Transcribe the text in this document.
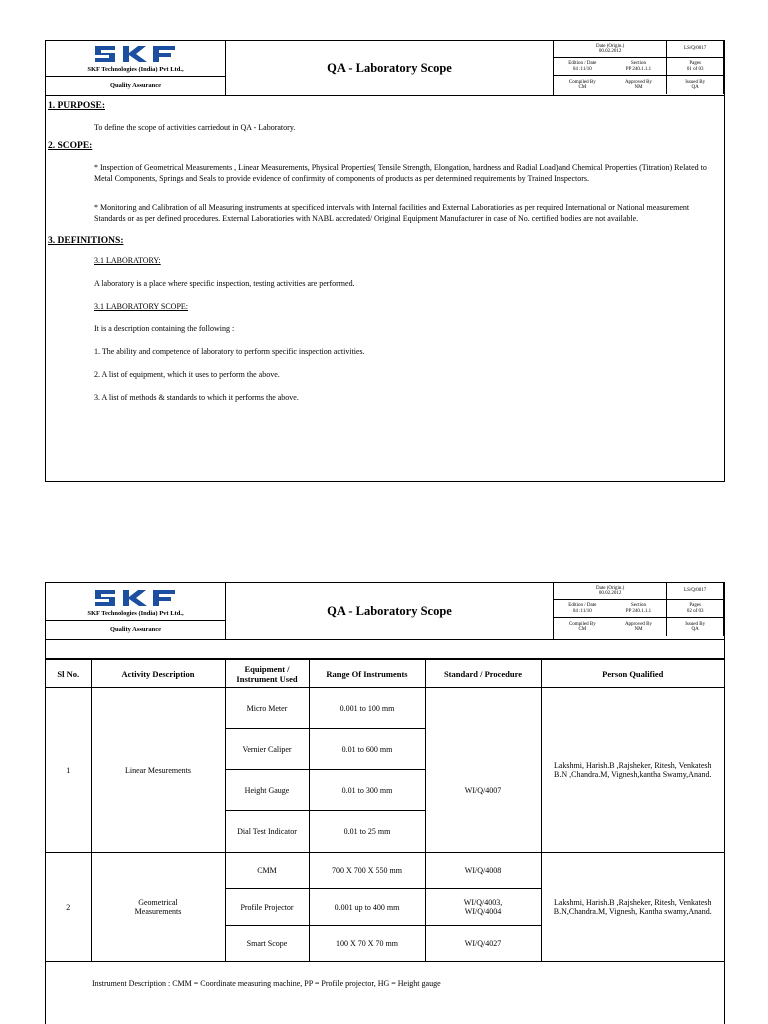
SKF Technologies (India) Pvt Ltd.,
Quality Assurance
QA - Laboratory Scope
Date (Origin.)
00.02.2012
LS/Q/0017
Edition / Date
04 :11/10
Section
PP 240.1.1.1
Pages
01 of 03
Compiled By
CM
Approved By
NM
Issued By
QA

1. PURPOSE:

To define the scope of activities carriedout in QA - Laboratory.

2. SCOPE:

* Inspection of Geometrical Measurements , Linear Measurements, Physical Properties( Tensile Strength, Elongation, hardness and Radial Load)and Chemical Properties (Titration) Related to Metal Components, Springs and Seals to provide evidence of confirmity of components of products as per determined requirements by Trained Inspectors.

* Monitoring and Calibration of all Measuring instruments at specificed intervals with Internal facilities and External Laboratiories as per required International or National measurement Standards or as per defined procedures. External Laboratiories with NABL accredated/ Original Equipment Manufacturer in case of No. certified bodies are not available.

3. DEFINITIONS:

3.1 LABORATORY:

A laboratory is a place where specific inspection, testing activities are performed.

3.1 LABORATORY SCOPE:

It is a description containing the following :

1. The ability and competence of laboratory to perform specific inspection activities.

2. A list of equipment, which it uses to perform the above.

3. A list of methods & standards to which it performs the above.

SKF Technologies (India) Pvt Ltd.,
Quality Assurance
QA - Laboratory Scope
Date (Origin.)
00.02.2012
LS/Q/0017
Edition / Date
04 :11/10
Section
PP 240.1.1.1
Pages
02 of 03
Compiled By
CM
Approved By
NM
Issued By
QA
Sl No.	Activity Description	Equipment / Instrument Used	Range Of Instruments	Standard / Procedure	Person Qualified
1	Linear Mesurements	Micro Meter	0.001 to 100 mm		Lakshmi, Harish.B ,Rajsheker, Ritesh, Venkatesh B.N ,Chandra.M, Vignesh,kantha Swamy,Anand.
		Vernier Caliper	0.01 to 600 mm		
		Height Gauge	0.01 to 300 mm	WI/Q/4007	
		Dial Test Indicator	0.01 to 25 mm		
2	Geometrical Measurements	CMM	700 X 700 X 550 mm	WI/Q/4008	Lakshmi, Harish.B ,Rajsheker, Ritesh, Venkatesh B.N,Chandra.M, Vignesh, Kantha swamy,Anand.
		Profile Projector	0.001 up to 400 mm	WI/Q/4003, WI/Q/4004	
		Smart Scope	100 X 70 X 70 mm	WI/Q/4027	

Instrument Description : CMM = Coordinate measuring machine, PP = Profile projector, HG = Height gauge
